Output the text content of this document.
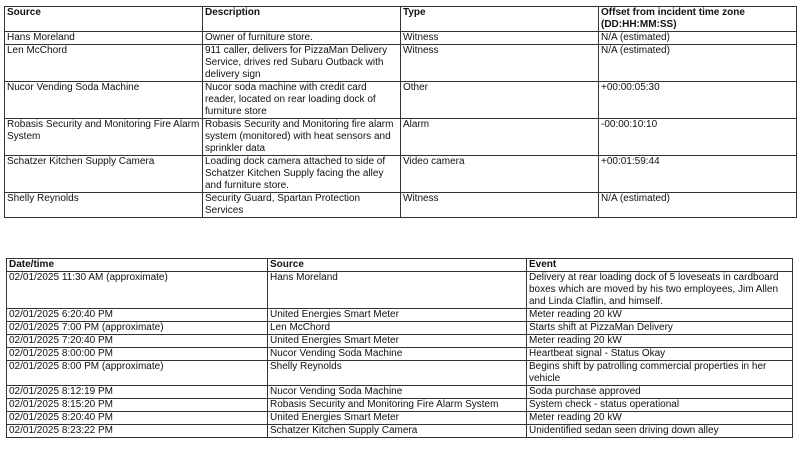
Source	Description	Type	Offset from incident time zone (DD:HH:MM:SS)
Hans Moreland	Owner of furniture store.	Witness	N/A (estimated)
Len McChord	911 caller, delivers for PizzaMan Delivery Service, drives red Subaru Outback with delivery sign	Witness	N/A (estimated)
Nucor Vending Soda Machine	Nucor soda machine with credit card reader, located on rear loading dock of furniture store	Other	+00:00:05:30
Robasis Security and Monitoring Fire Alarm System	Robasis Security and Monitoring fire alarm system (monitored) with heat sensors and sprinkler data	Alarm	-00:00:10:10
Schatzer Kitchen Supply Camera	Loading dock camera attached to side of Schatzer Kitchen Supply facing the alley and furniture store.	Video camera	+00:01:59:44
Shelly Reynolds	Security Guard, Spartan Protection Services	Witness	N/A (estimated)
Date/time	Source	Event
02/01/2025 11:30 AM (approximate)	Hans Moreland	Delivery at rear loading dock of 5 loveseats in cardboard boxes which are moved by his two employees, Jim Allen and Linda Claflin, and himself.
02/01/2025 6:20:40 PM	United Energies Smart Meter	Meter reading 20 kW
02/01/2025 7:00 PM (approximate)	Len McChord	Starts shift at PizzaMan Delivery
02/01/2025 7:20:40 PM	United Energies Smart Meter	Meter reading 20 kW
02/01/2025 8:00:00 PM	Nucor Vending Soda Machine	Heartbeat signal - Status Okay
02/01/2025 8:00 PM (approximate)	Shelly Reynolds	Begins shift by patrolling commercial properties in her vehicle
02/01/2025 8:12:19 PM	Nucor Vending Soda Machine	Soda purchase approved
02/01/2025 8:15:20 PM	Robasis Security and Monitoring Fire Alarm System	System check - status operational
02/01/2025 8:20:40 PM	United Energies Smart Meter	Meter reading 20 kW
02/01/2025 8:23:22 PM	Schatzer Kitchen Supply Camera	Unidentified sedan seen driving down alley
